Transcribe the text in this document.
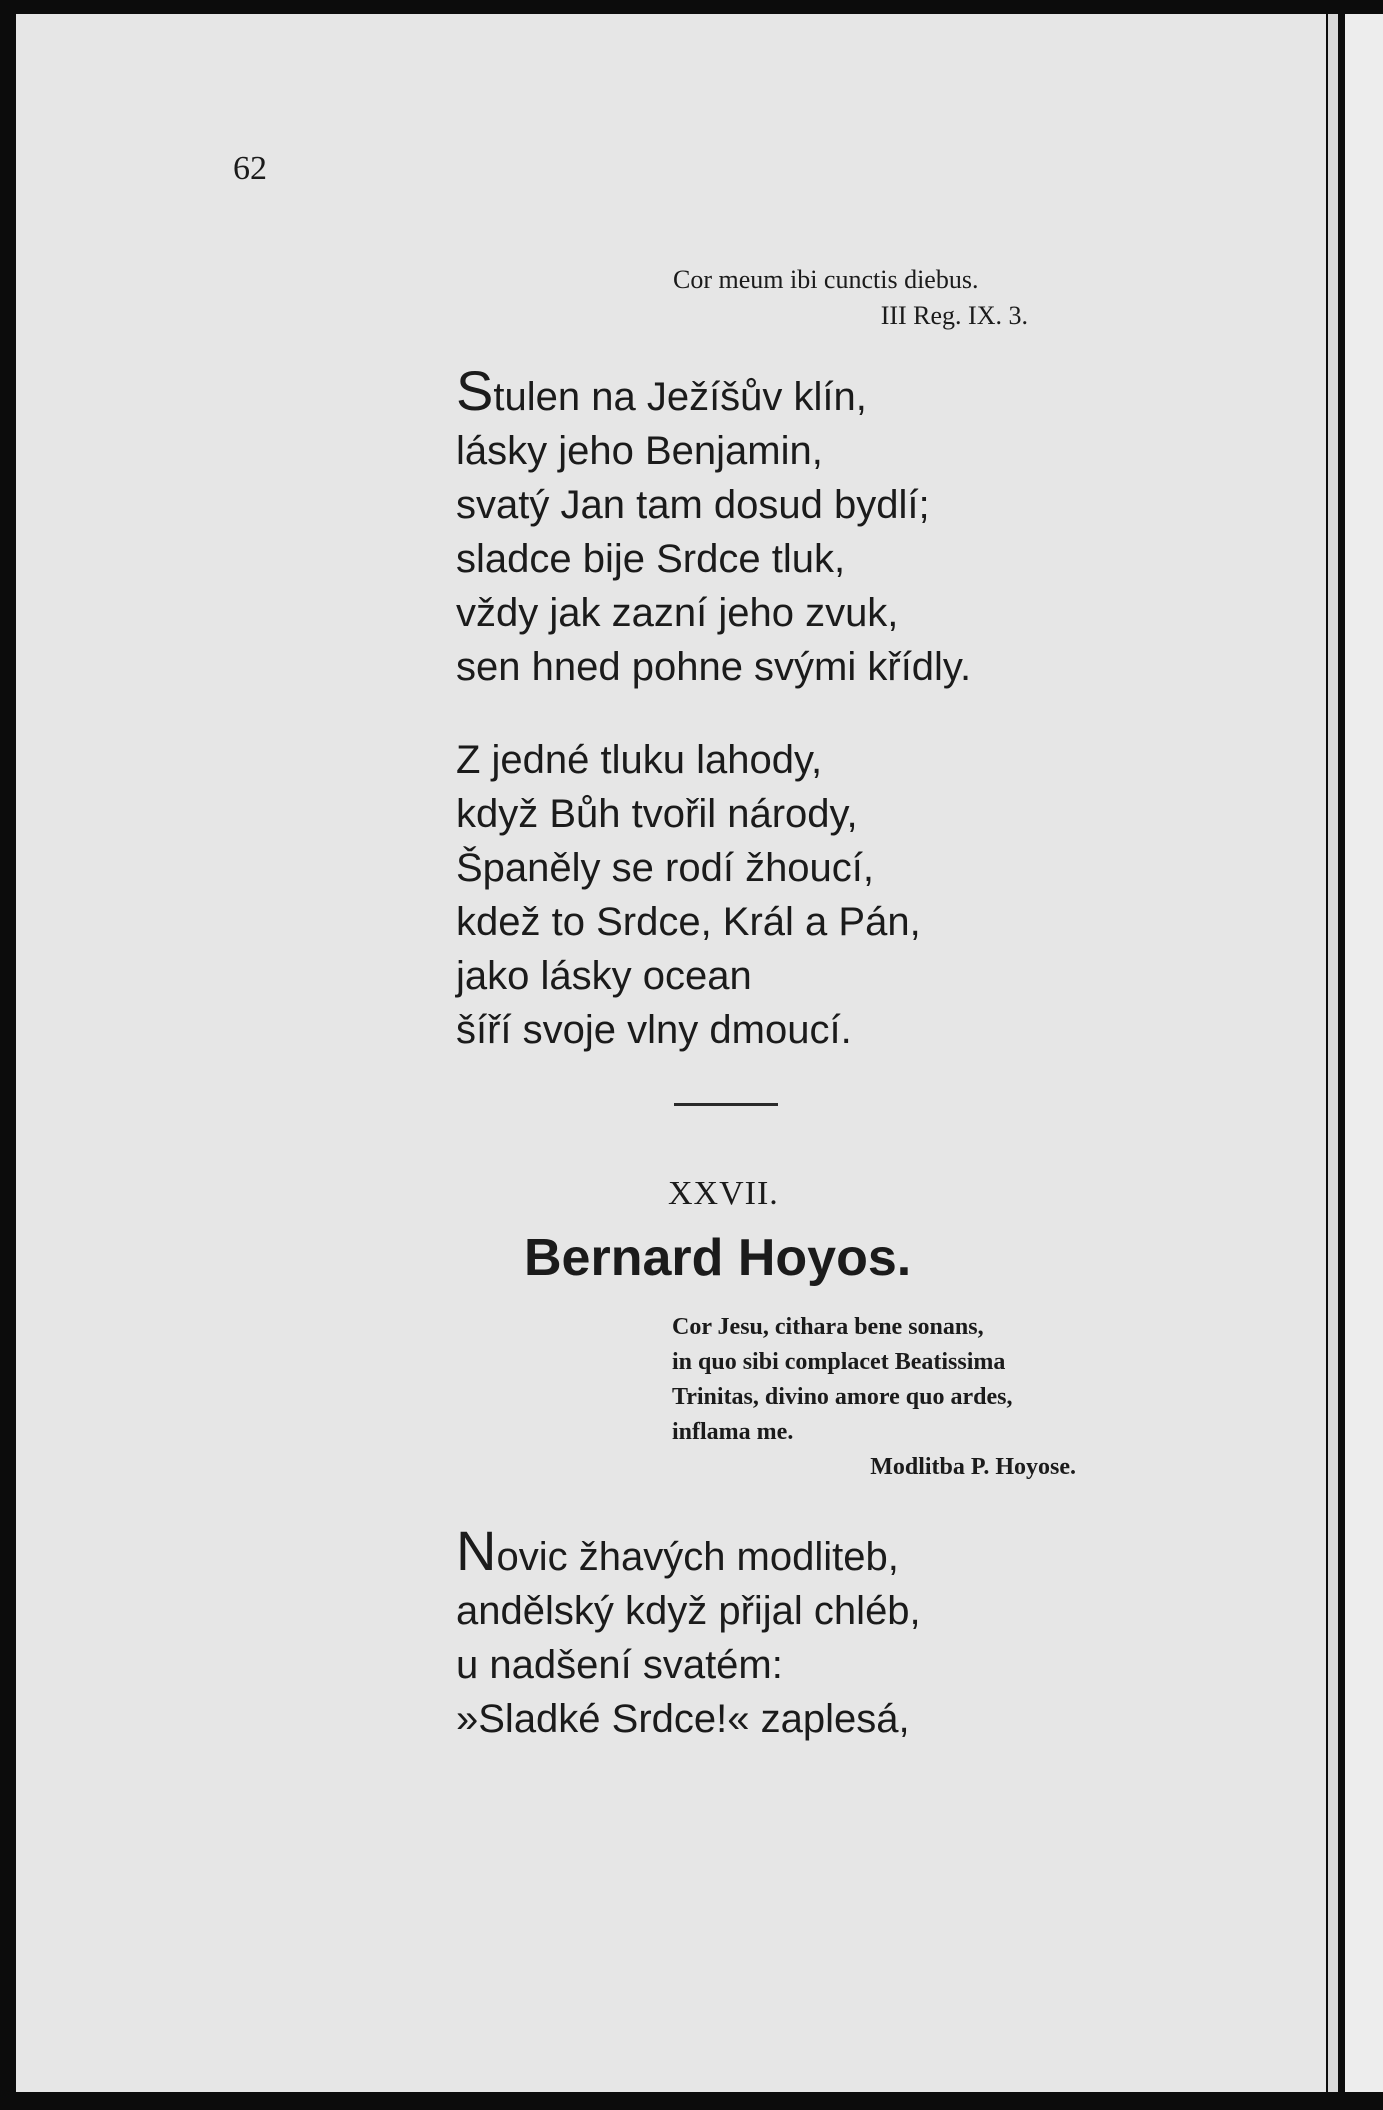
62

Cor meum ibi cunctis diebus.
III Reg. IX. 3.
Stulen na Ježíšův klín,
lásky jeho Benjamin,
svatý Jan tam dosud bydlí;
sladce bije Srdce tluk,
vždy jak zazní jeho zvuk,
sen hned pohne svými křídly.
Z jedné tluku lahody,
když Bůh tvořil národy,
Španěly se rodí žhoucí,
kdež to Srdce, Král a Pán,
jako lásky ocean
šíří svoje vlny dmoucí.

XXVII.

Bernard Hoyos.

Cor Jesu, cithara bene sonans,
in quo sibi complacet Beatissima
Trinitas, divino amore quo ardes,
inflama me.
Modlitba P. Hoyose.
Novic žhavých modliteb,
andělský když přijal chléb,
u nadšení svatém:
»Sladké Srdce!« zaplesá,
